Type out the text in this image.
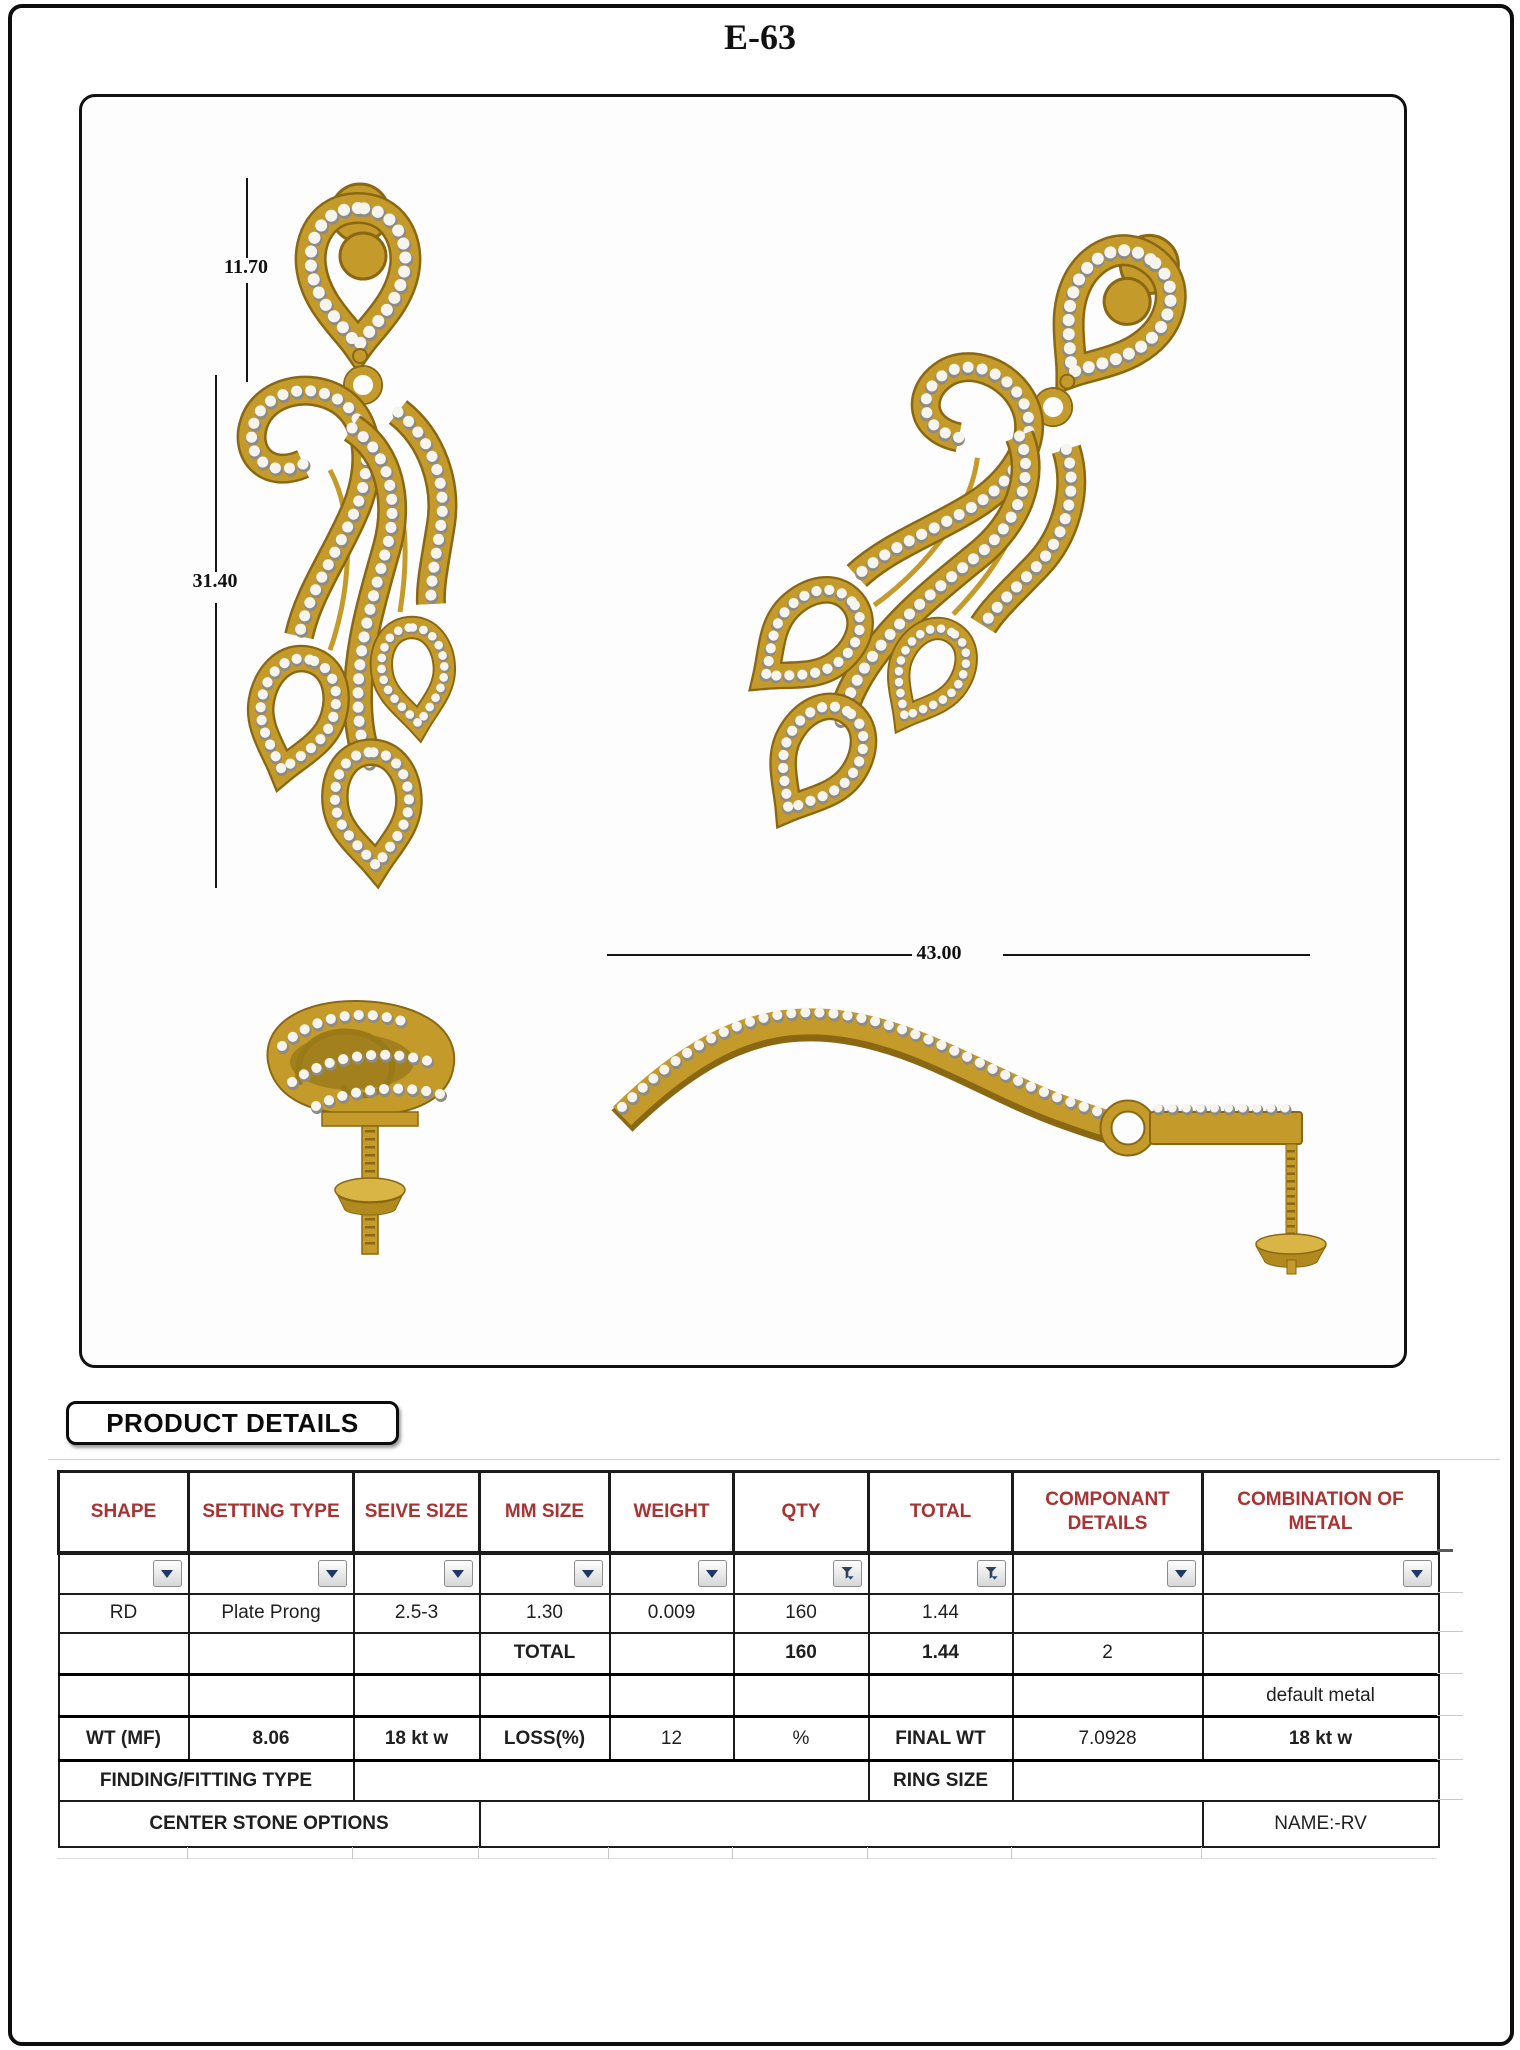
E-63
11.70
31.40
43.00
PRODUCT DETAILS
SHAPE	SETTING TYPE	SEIVE SIZE	MM SIZE	WEIGHT	QTY	TOTAL	COMPONANT DETAILS	COMBINATION OF METAL

RD	Plate Prong	2.5-3	1.30	0.009	160	1.44		
			TOTAL		160	1.44	2	
								default metal
WT (MF)	8.06	18 kt w	LOSS(%)	12	%	FINAL WT	7.0928	18 kt w
FINDING/FITTING TYPE						RING SIZE		
CENTER STONE OPTIONS								NAME:-RV
